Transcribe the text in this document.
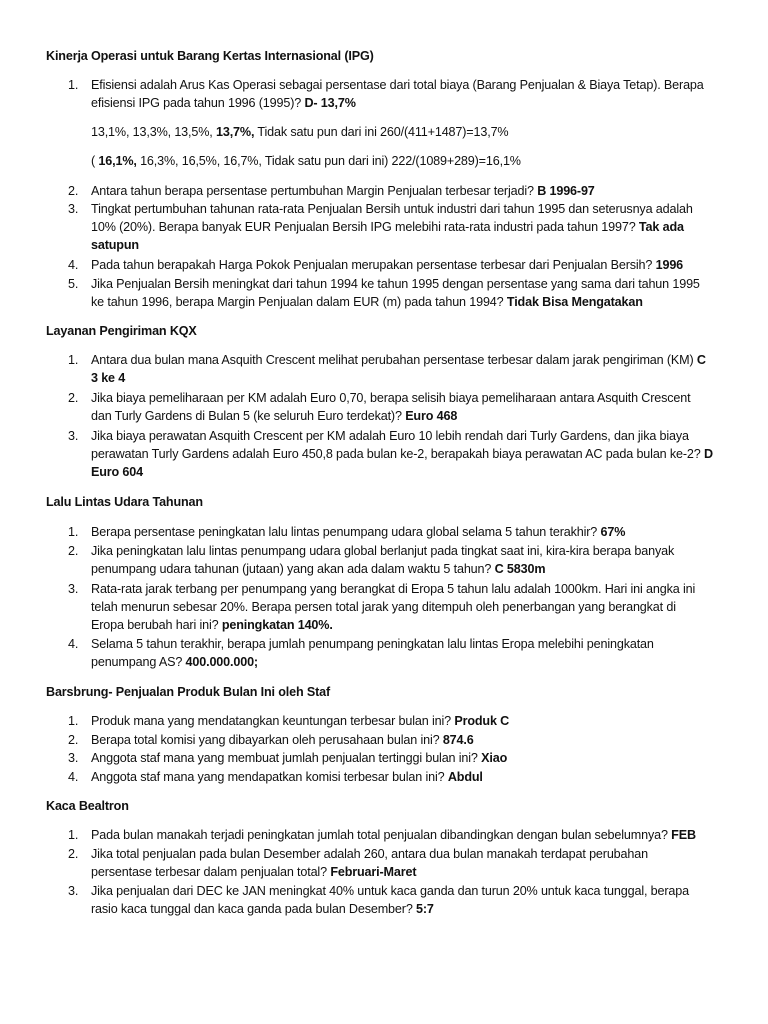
Kinerja Operasi untuk Barang Kertas Internasional (IPG)
1. Efisiensi adalah Arus Kas Operasi sebagai persentase dari total biaya (Barang Penjualan & Biaya Tetap). Berapa
efisiensi IPG pada tahun 1996 (1995)? D- 13,7%
13,1%, 13,3%, 13,5%, 13,7%, Tidak satu pun dari ini 260/(411+1487)=13,7%
( 16,1%, 16,3%, 16,5%, 16,7%, Tidak satu pun dari ini) 222/(1089+289)=16,1%
2. Antara tahun berapa persentase pertumbuhan Margin Penjualan terbesar terjadi? B 1996-97
3. Tingkat pertumbuhan tahunan rata-rata Penjualan Bersih untuk industri dari tahun 1995 dan seterusnya adalah
10% (20%). Berapa banyak EUR Penjualan Bersih IPG melebihi rata-rata industri pada tahun 1997? Tak ada
satupun
4. Pada tahun berapakah Harga Pokok Penjualan merupakan persentase terbesar dari Penjualan Bersih? 1996
5. Jika Penjualan Bersih meningkat dari tahun 1994 ke tahun 1995 dengan persentase yang sama dari tahun 1995
ke tahun 1996, berapa Margin Penjualan dalam EUR (m) pada tahun 1994? Tidak Bisa Mengatakan
Layanan Pengiriman KQX
1. Antara dua bulan mana Asquith Crescent melihat perubahan persentase terbesar dalam jarak pengiriman (KM) C
3 ke 4
2. Jika biaya pemeliharaan per KM adalah Euro 0,70, berapa selisih biaya pemeliharaan antara Asquith Crescent
dan Turly Gardens di Bulan 5 (ke seluruh Euro terdekat)? Euro 468
3. Jika biaya perawatan Asquith Crescent per KM adalah Euro 10 lebih rendah dari Turly Gardens, dan jika biaya
perawatan Turly Gardens adalah Euro 450,8 pada bulan ke-2, berapakah biaya perawatan AC pada bulan ke-2? D
Euro 604
Lalu Lintas Udara Tahunan
1. Berapa persentase peningkatan lalu lintas penumpang udara global selama 5 tahun terakhir? 67%
2. Jika peningkatan lalu lintas penumpang udara global berlanjut pada tingkat saat ini, kira-kira berapa banyak
penumpang udara tahunan (jutaan) yang akan ada dalam waktu 5 tahun? C 5830m
3. Rata-rata jarak terbang per penumpang yang berangkat di Eropa 5 tahun lalu adalah 1000km. Hari ini angka ini
telah menurun sebesar 20%. Berapa persen total jarak yang ditempuh oleh penerbangan yang berangkat di
Eropa berubah hari ini? peningkatan 140%.
4. Selama 5 tahun terakhir, berapa jumlah penumpang peningkatan lalu lintas Eropa melebihi peningkatan
penumpang AS? 400.000.000;
Barsbrung- Penjualan Produk Bulan Ini oleh Staf
1. Produk mana yang mendatangkan keuntungan terbesar bulan ini? Produk C
2. Berapa total komisi yang dibayarkan oleh perusahaan bulan ini? 874.6
3. Anggota staf mana yang membuat jumlah penjualan tertinggi bulan ini? Xiao
4. Anggota staf mana yang mendapatkan komisi terbesar bulan ini? Abdul
Kaca Bealtron
1. Pada bulan manakah terjadi peningkatan jumlah total penjualan dibandingkan dengan bulan sebelumnya? FEB
2. Jika total penjualan pada bulan Desember adalah 260, antara dua bulan manakah terdapat perubahan
persentase terbesar dalam penjualan total? Februari-Maret
3. Jika penjualan dari DEC ke JAN meningkat 40% untuk kaca ganda dan turun 20% untuk kaca tunggal, berapa
rasio kaca tunggal dan kaca ganda pada bulan Desember? 5:7
